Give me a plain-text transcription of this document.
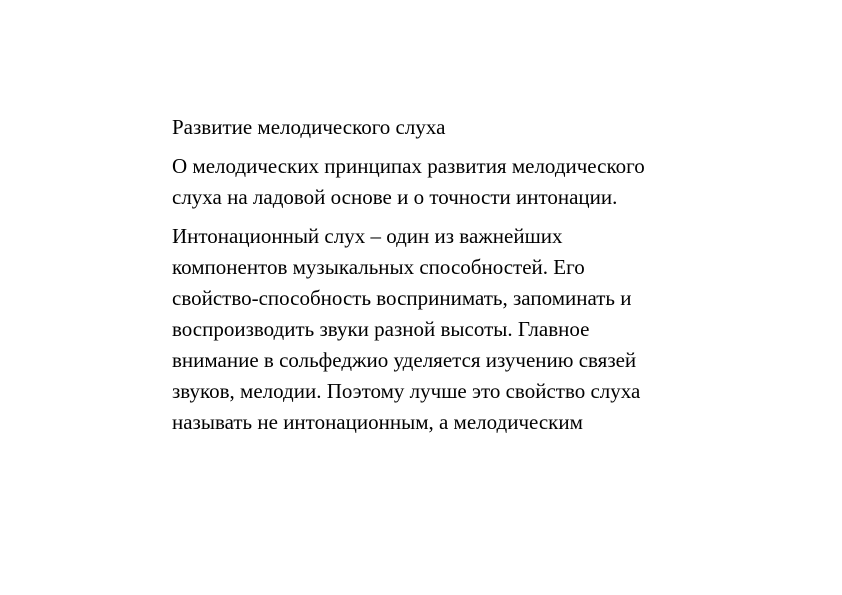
Развитие мелодического слуха

О мелодических принципах развития мелодического
слуха на ладовой основе и о точности интонации.

Интонационный слух – один из важнейших
компонентов музыкальных способностей. Его
свойство-способность воспринимать, запоминать и
воспроизводить звуки разной высоты. Главное
внимание в сольфеджио уделяется изучению связей
звуков, мелодии. Поэтому лучше это свойство слуха
называть не интонационным, а мелодическим
